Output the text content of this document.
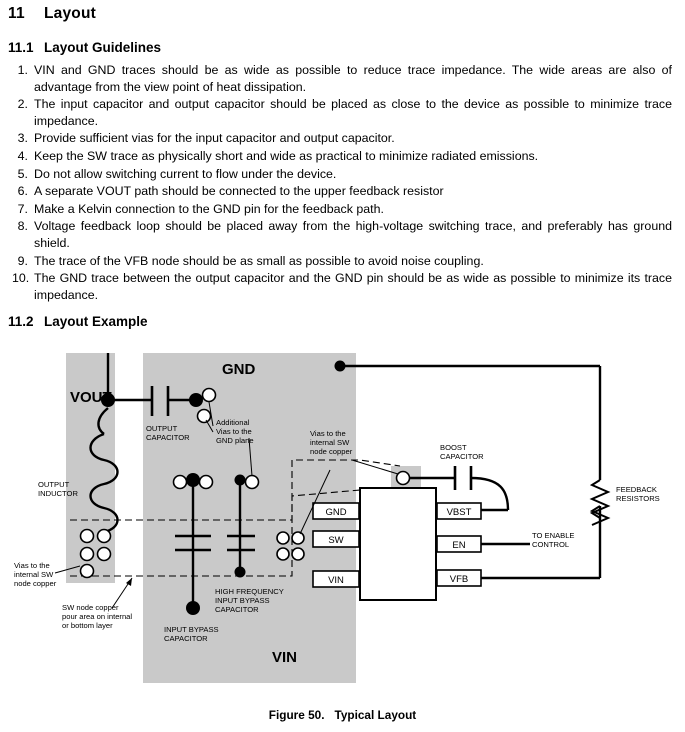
11 Layout
11.1 Layout Guidelines
1. VIN and GND traces should be as wide as possible to reduce trace impedance. The wide areas are also of advantage from the view point of heat dissipation.
2. The input capacitor and output capacitor should be placed as close to the device as possible to minimize trace impedance.
3. Provide sufficient vias for the input capacitor and output capacitor.
4. Keep the SW trace as physically short and wide as practical to minimize radiated emissions.
5. Do not allow switching current to flow under the device.
6. A separate VOUT path should be connected to the upper feedback resistor
7. Make a Kelvin connection to the GND pin for the feedback path.
8. Voltage feedback loop should be placed away from the high-voltage switching trace, and preferably has ground shield.
9. The trace of the VFB node should be as small as possible to avoid noise coupling.
10. The GND trace between the output capacitor and the GND pin should be as wide as possible to minimize its trace impedance.
11.2 Layout Example
GND
SW
VIN
VBST
EN
VFB
VOUT
GND
VIN
OUTPUT
CAPACITOR
OUTPUT
INDUCTOR
Additional
Vias to the
GND plane
Vias to the
internal SW
node copper
Vias to the
internal SW
node copper
SW node copper
pour area on internal
or bottom layer	INPUT BYPASS
CAPACITOR
HIGH FREQUENCY
INPUT BYPASS
CAPACITOR
BOOST
CAPACITOR
FEEDBACK
RESISTORS
TO ENABLE
CONTROL
Figure 50. Typical Layout
